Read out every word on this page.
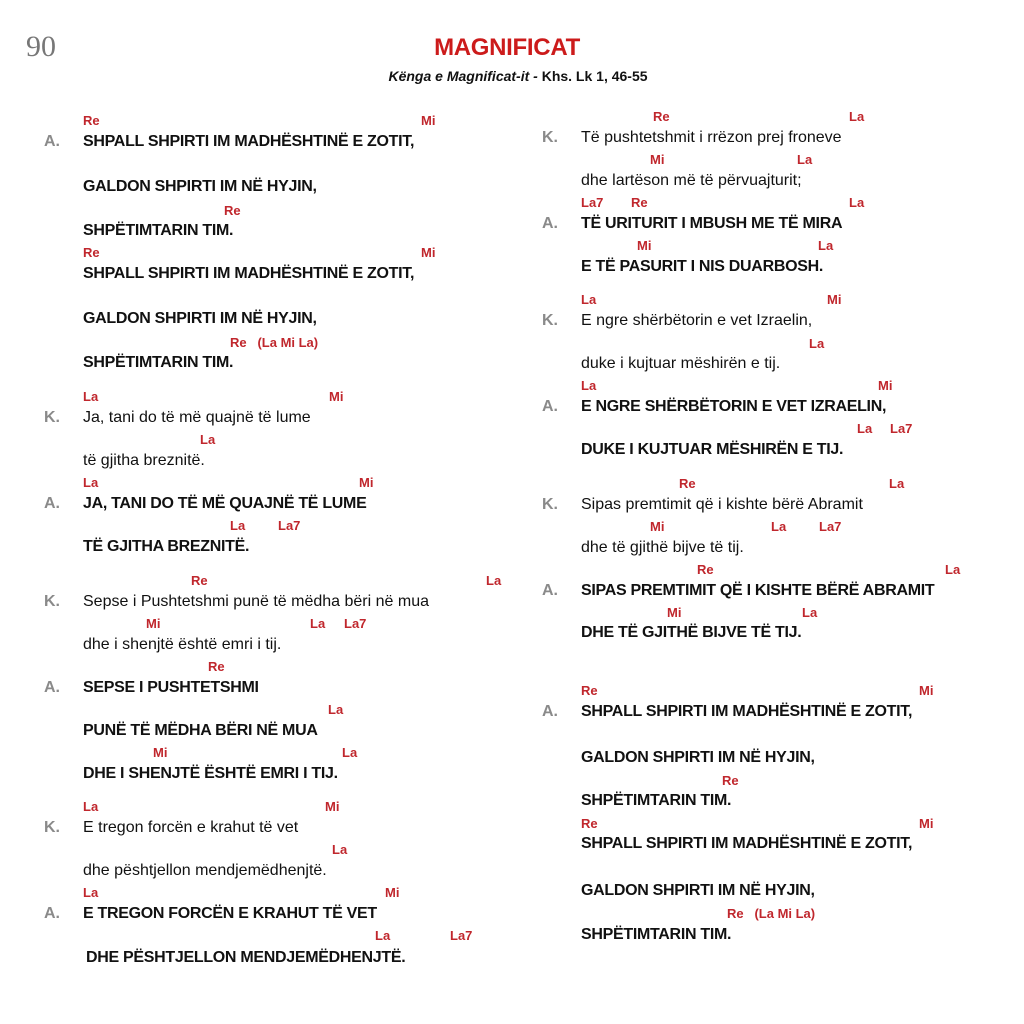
90	MAGNIFICAT
Kënga e Magnificat-it - Khs. Lk 1, 46-55
Re	Mi
A. SHPALL SHPIRTI IM MADHËSHTINË E ZOTIT,
GALDON SHPIRTI IM NË HYJIN,
Re
SHPËTIMTARIN TIM.
Re	Mi
SHPALL SHPIRTI IM MADHËSHTINË E ZOTIT,
GALDON SHPIRTI IM NË HYJIN,
Re   (La Mi La)
SHPËTIMTARIN TIM.
La	Mi
K. Ja, tani do të më quajnë të lume
La
të gjitha breznitë.
La	Mi
A. JA, TANI DO TË MË QUAJNË TË LUME
La	La7
TË GJITHA BREZNITË.
Re	La
K. Sepse i Pushtetshmi punë të mëdha bëri në mua
Mi	La La7
dhe i shenjtë është emri i tij.
Re
A. SEPSE I PUSHTETSHMI
La
PUNË TË MËDHA BËRI NË MUA
Mi	La
DHE I SHENJTË ËSHTË EMRI I TIJ.
La	Mi
K. E tregon forcën e krahut të vet
La
dhe pështjellon mendjemëdhenjtë.
La	Mi
A. E TREGON FORCËN E KRAHUT TË VET
La	La7
DHE PËSHTJELLON MENDJEMËDHENJTË.
Re	La
K. Të pushtetshmit i rrëzon prej froneve
Mi	La
dhe lartëson më të përvuajturit;
La7 Re	La
A. TË URITURIT I MBUSH ME TË MIRA
Mi	La
E TË PASURIT I NIS DUARBOSH.
La	Mi
K. E ngre shërbëtorin e vet Izraelin,
La
duke i kujtuar mëshirën e tij.
La	Mi
A. E NGRE SHËRBËTORIN E VET IZRAELIN,
La La7
DUKE I KUJTUAR MËSHIRËN E TIJ.
Re	La
K. Sipas premtimit që i kishte bërë Abramit
Mi	La	La7
dhe të gjithë bijve të tij.
Re	La
A. SIPAS PREMTIMIT QË I KISHTE BËRË ABRAMIT
Mi	La
DHE TË GJITHË BIJVE TË TIJ.
Re	Mi
A. SHPALL SHPIRTI IM MADHËSHTINË E ZOTIT,
GALDON SHPIRTI IM NË HYJIN,
Re
SHPËTIMTARIN TIM.
Re	Mi
SHPALL SHPIRTI IM MADHËSHTINË E ZOTIT,
GALDON SHPIRTI IM NË HYJIN,
Re   (La Mi La)
SHPËTIMTARIN TIM.
